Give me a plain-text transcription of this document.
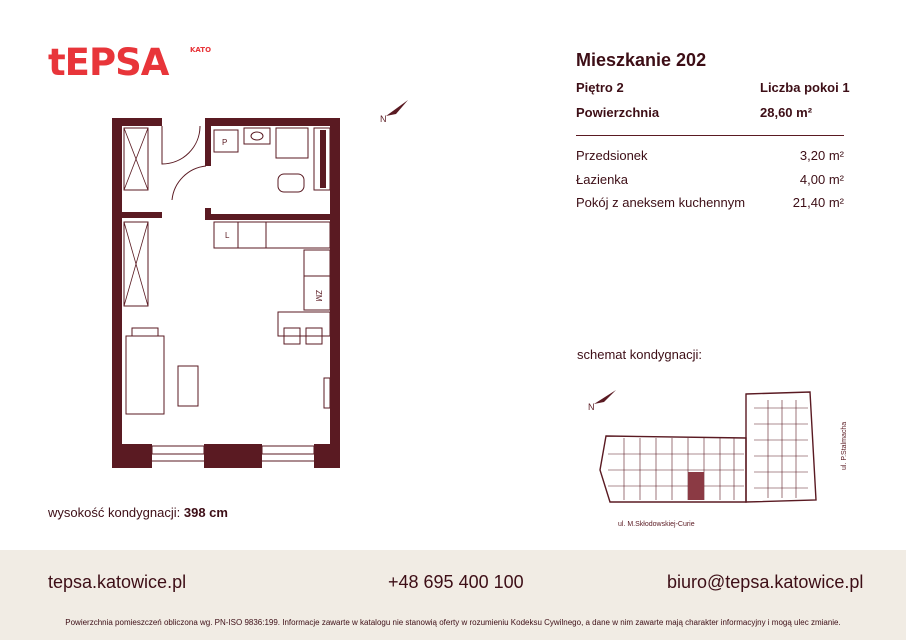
tEPSA	KATO	Mieszkanie 202
Piętro 2	Liczba pokoi 1
Powierzchnia	28,60 m²
Przedsionek	3,20 m²
Łazienka	4,00 m²
Pokój z aneksem kuchennym	21,40 m²
N
P
L
ZM
wysokość kondygnacji: 398 cm
schemat kondygnacji:
N
ul. M.Skłodowskiej-Curie
ul. P.Stalmacha
tepsa.katowice.pl	+48 695 400 100	biuro@tepsa.katowice.pl
Powierzchnia pomieszczeń obliczona wg. PN-ISO 9836:199. Informacje zawarte w katalogu nie stanowią oferty w rozumieniu Kodeksu Cywilnego, a dane w nim zawarte mają charakter informacyjny i mogą ulec zmianie.
